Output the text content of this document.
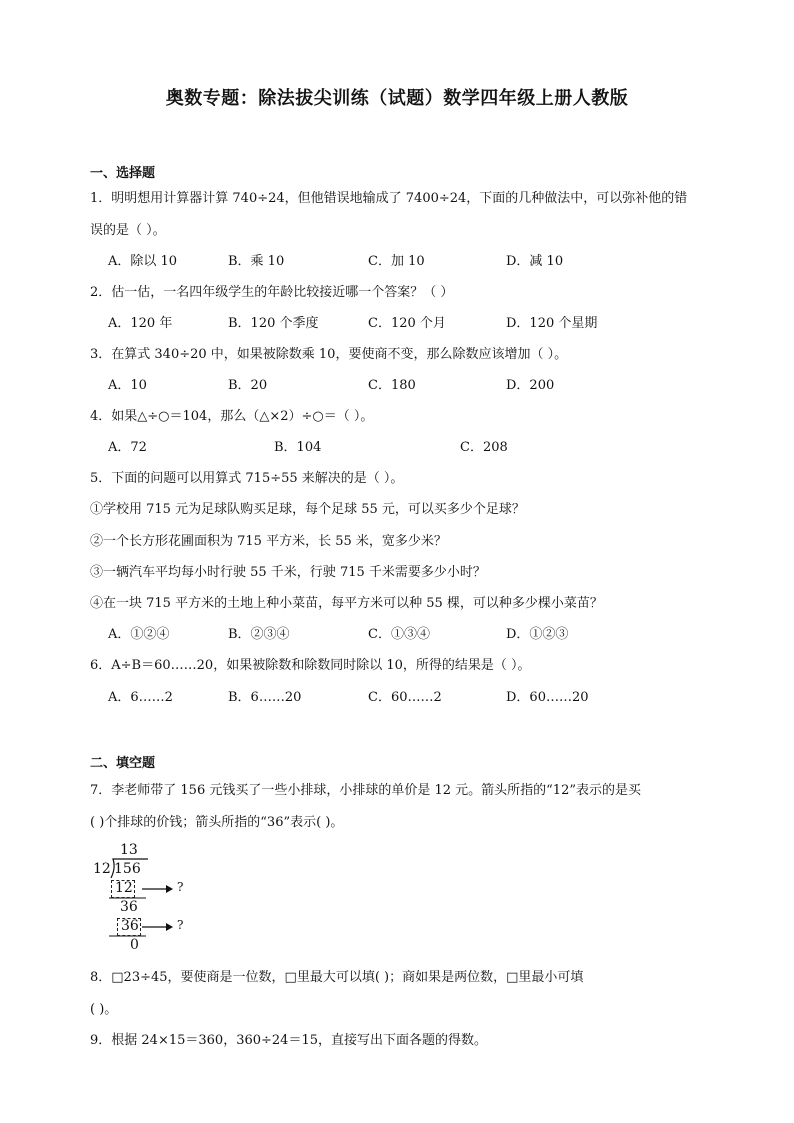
奥数专题：除法拔尖训练（试题）数学四年级上册人教版
一、选择题
1．明明想用计算器计算 740÷24，但他错误地输成了 7400÷24，下面的几种做法中，可以弥补他的错
误的是（ ）。
A．除以 10	B．乘 10	C．加 10	D．减 10
2．估一估，一名四年级学生的年龄比较接近哪一个答案？（ ）
A．120 年	B．120 个季度	C．120 个月	D．120 个星期
3．在算式 340÷20 中，如果被除数乘 10，要使商不变，那么除数应该增加（ ）。
A．10	B．20	C．180	D．200
4．如果△÷○＝104，那么（△×2）÷○＝（ ）。
A．72	B．104	C．208
5．下面的问题可以用算式 715÷55 来解决的是（ ）。
①学校用 715 元为足球队购买足球，每个足球 55 元，可以买多少个足球？
②一个长方形花圃面积为 715 平方米，长 55 米，宽多少米？
③一辆汽车平均每小时行驶 55 千米，行驶 715 千米需要多少小时？
④在一块 715 平方米的土地上种小菜苗，每平方米可以种 55 棵，可以种多少棵小菜苗？
A．①②④	B．②③④	C．①③④	D．①②③
6．A÷B＝60……20，如果被除数和除数同时除以 10，所得的结果是（ ）。
A．6……2	B．6……20	C．60……2	D．60……20
二、填空题
7．李老师带了 156 元钱买了一些小排球，小排球的单价是 12 元。箭头所指的“12”表示的是买
( )个排球的价钱；箭头所指的“36”表示( )。
13
12 156
12	?
36
36	?
0
8．□23÷45，要使商是一位数，□里最大可以填( )；商如果是两位数，□里最小可填
( )。
9．根据 24×15＝360，360÷24＝15，直接写出下面各题的得数。
